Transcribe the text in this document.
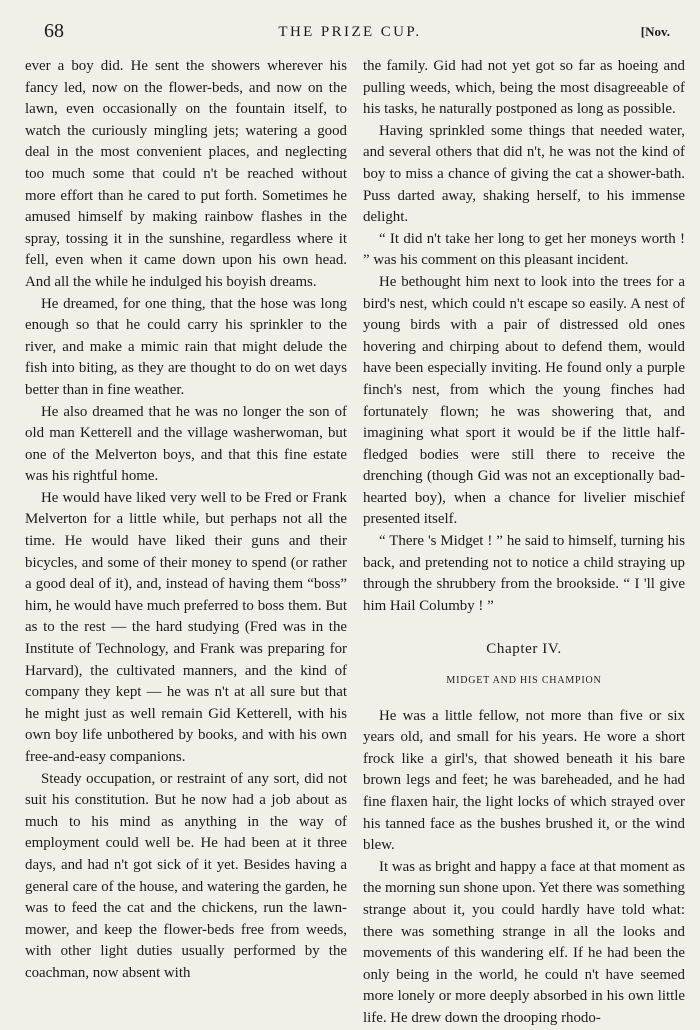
68	THE PRIZE CUP.	[Nov.

ever a boy did. He sent the showers wherever his fancy led, now on the flower-beds, and now on the lawn, even occasionally on the fountain itself, to watch the curiously mingling jets; watering a good deal in the most convenient places, and neglecting too much some that could n't be reached without more effort than he cared to put forth. Sometimes he amused himself by making rainbow flashes in the spray, tossing it in the sunshine, regardless where it fell, even when it came down upon his own head. And all the while he indulged his boyish dreams.

He dreamed, for one thing, that the hose was long enough so that he could carry his sprinkler to the river, and make a mimic rain that might delude the fish into biting, as they are thought to do on wet days better than in fine weather.

He also dreamed that he was no longer the son of old man Ketterell and the village washerwoman, but one of the Melverton boys, and that this fine estate was his rightful home.

He would have liked very well to be Fred or Frank Melverton for a little while, but perhaps not all the time. He would have liked their guns and their bicycles, and some of their money to spend (or rather a good deal of it), and, instead of having them “boss” him, he would have much preferred to boss them. But as to the rest — the hard studying (Fred was in the Institute of Technology, and Frank was preparing for Harvard), the cultivated manners, and the kind of company they kept — he was n't at all sure but that he might just as well remain Gid Ketterell, with his own boy life unbothered by books, and with his own free-and-easy companions.

Steady occupation, or restraint of any sort, did not suit his constitution. But he now had a job about as much to his mind as anything in the way of employment could well be. He had been at it three days, and had n't got sick of it yet. Besides having a general care of the house, and watering the garden, he was to feed the cat and the chickens, run the lawn-mower, and keep the flower-beds free from weeds, with other light duties usually performed by the coachman, now absent with

the family. Gid had not yet got so far as hoeing and pulling weeds, which, being the most disagreeable of his tasks, he naturally postponed as long as possible.

Having sprinkled some things that needed water, and several others that did n't, he was not the kind of boy to miss a chance of giving the cat a shower-bath. Puss darted away, shaking herself, to his immense delight.

“ It did n't take her long to get her moneys worth ! ” was his comment on this pleasant incident.

He bethought him next to look into the trees for a bird's nest, which could n't escape so easily. A nest of young birds with a pair of distressed old ones hovering and chirping about to defend them, would have been especially inviting. He found only a purple finch's nest, from which the young finches had fortunately flown; he was showering that, and imagining what sport it would be if the little half-fledged bodies were still there to receive the drenching (though Gid was not an exceptionally bad-hearted boy), when a chance for livelier mischief presented itself.

“ There 's Midget ! ” he said to himself, turning his back, and pretending not to notice a child straying up through the shrubbery from the brookside. “ I 'll give him Hail Columby ! ”

Chapter IV.
MIDGET AND HIS CHAMPION

He was a little fellow, not more than five or six years old, and small for his years. He wore a short frock like a girl's, that showed beneath it his bare brown legs and feet; he was bareheaded, and he had fine flaxen hair, the light locks of which strayed over his tanned face as the bushes brushed it, or the wind blew.

It was as bright and happy a face at that moment as the morning sun shone upon. Yet there was something strange about it, you could hardly have told what: there was something strange in all the looks and movements of this wandering elf. If he had been the only being in the world, he could n't have seemed more lonely or more deeply absorbed in his own little life. He drew down the drooping rhodo-
